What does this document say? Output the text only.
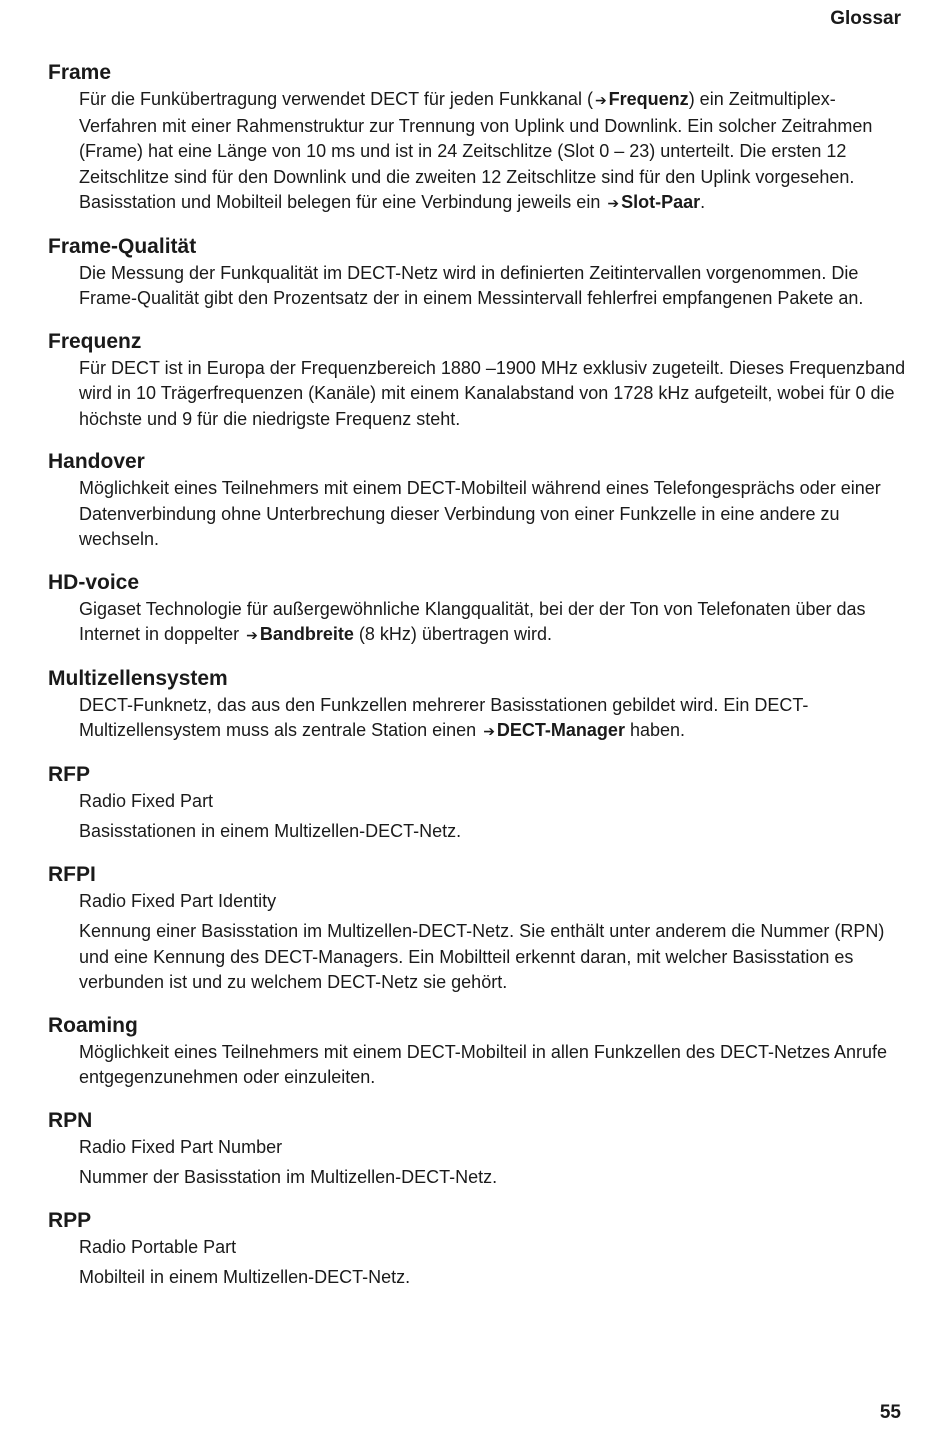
Glossar
Frame

Für die Funkübertragung verwendet DECT für jeden Funkkanal ( ➔ Frequenz) ein Zeitmultiplex-Verfahren mit einer Rahmenstruktur zur Trennung von Uplink und Downlink. Ein solcher Zeitrahmen (Frame) hat eine Länge von 10 ms und ist in 24 Zeitschlitze (Slot 0 – 23) unterteilt. Die ersten 12 Zeitschlitze sind für den Downlink und die zweiten 12 Zeitschlitze sind für den Uplink vorgesehen. Basisstation und Mobilteil belegen für eine Verbindung jeweils ein ➔ Slot-Paar.

Frame-Qualität

Die Messung der Funkqualität im DECT-Netz wird in definierten Zeitintervallen vorgenommen. Die Frame-Qualität gibt den Prozentsatz der in einem Messintervall fehlerfrei empfangenen Pakete an.

Frequenz

Für DECT ist in Europa der Frequenzbereich 1880 –1900 MHz exklusiv zugeteilt. Dieses Frequenzband wird in 10 Trägerfrequenzen (Kanäle) mit einem Kanalabstand von 1728 kHz aufgeteilt, wobei für 0 die höchste und 9 für die niedrigste Frequenz steht.

Handover

Möglichkeit eines Teilnehmers mit einem DECT-Mobilteil während eines Telefongesprächs oder einer Datenverbindung ohne Unterbrechung dieser Verbindung von einer Funkzelle in eine andere zu wechseln.

HD-voice

Gigaset Technologie für außergewöhnliche Klangqualität, bei der der Ton von Telefonaten über das Internet in doppelter ➔ Bandbreite (8 kHz) übertragen wird.

Multizellensystem

DECT-Funknetz, das aus den Funkzellen mehrerer Basisstationen gebildet wird. Ein DECT-Multizellensystem muss als zentrale Station einen ➔ DECT-Manager haben.

RFP

Radio Fixed Part

Basisstationen in einem Multizellen-DECT-Netz.

RFPI

Radio Fixed Part Identity

Kennung einer Basisstation im Multizellen-DECT-Netz. Sie enthält unter anderem die Nummer (RPN) und eine Kennung des DECT-Managers. Ein Mobiltteil erkennt daran, mit welcher Basisstation es verbunden ist und zu welchem DECT-Netz sie gehört.

Roaming

Möglichkeit eines Teilnehmers mit einem DECT-Mobilteil in allen Funkzellen des DECT-Netzes Anrufe entgegenzunehmen oder einzuleiten.

RPN

Radio Fixed Part Number

Nummer der Basisstation im Multizellen-DECT-Netz.

RPP

Radio Portable Part

Mobilteil in einem Multizellen-DECT-Netz.

55
